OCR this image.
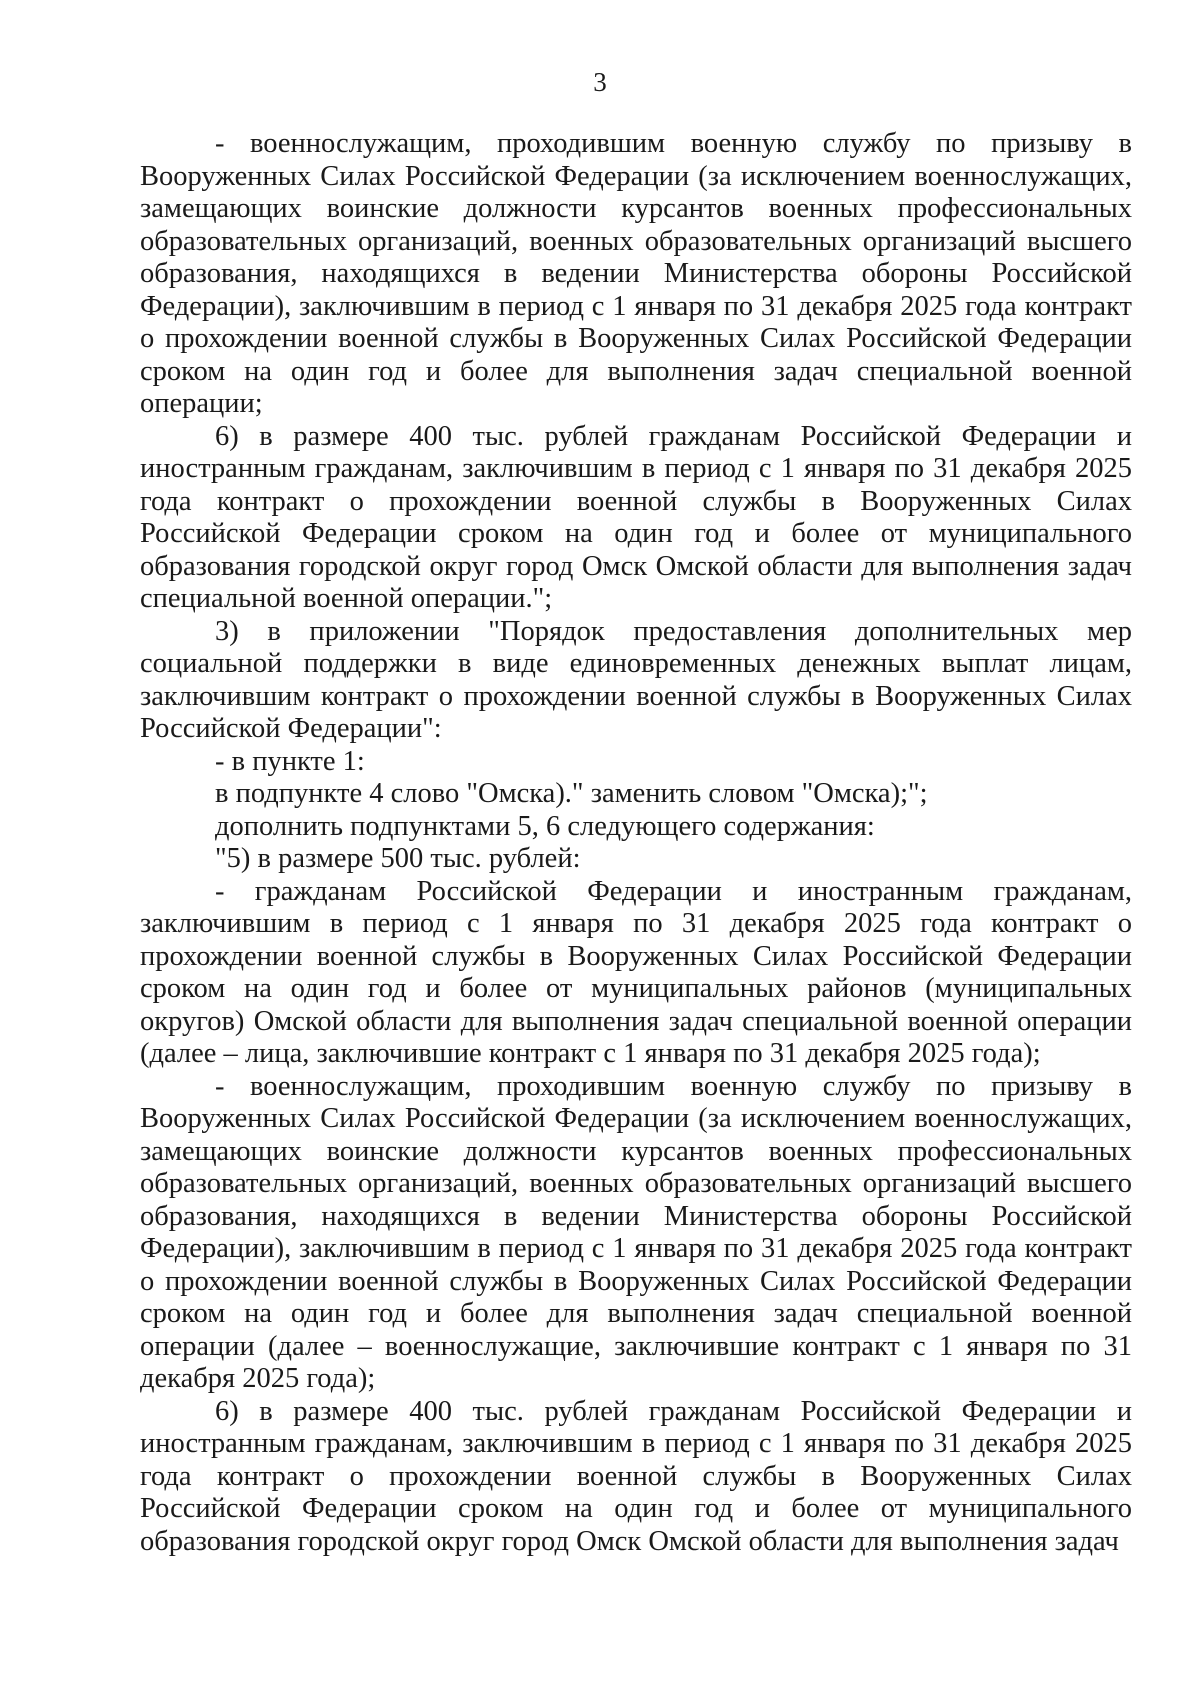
3

- военнослужащим, проходившим военную службу по призыву в Вооруженных Силах Российской Федерации (за исключением военнослужащих, замещающих воинские должности курсантов военных профессиональных образовательных организаций, военных образовательных организаций высшего образования, находящихся в ведении Министерства обороны Российской Федерации), заключившим в период с 1 января по 31 декабря 2025 года контракт о прохождении военной службы в Вооруженных Силах Российской Федерации сроком на один год и более для выполнения задач специальной военной операции;

6) в размере 400 тыс. рублей гражданам Российской Федерации и иностранным гражданам, заключившим в период с 1 января по 31 декабря 2025 года контракт о прохождении военной службы в Вооруженных Силах Российской Федерации сроком на один год и более от муниципального образования городской округ город Омск Омской области для выполнения задач специальной военной операции.";

3) в приложении "Порядок предоставления дополнительных мер социальной поддержки в виде единовременных денежных выплат лицам, заключившим контракт о прохождении военной службы в Вооруженных Силах Российской Федерации":

- в пункте 1:

в подпункте 4 слово "Омска)." заменить словом "Омска);";

дополнить подпунктами 5, 6 следующего содержания:

"5) в размере 500 тыс. рублей:

- гражданам Российской Федерации и иностранным гражданам, заключившим в период с 1 января по 31 декабря 2025 года контракт о прохождении военной службы в Вооруженных Силах Российской Федерации сроком на один год и более от муниципальных районов (муниципальных округов) Омской области для выполнения задач специальной военной операции (далее – лица, заключившие контракт с 1 января по 31 декабря 2025 года);

- военнослужащим, проходившим военную службу по призыву в Вооруженных Силах Российской Федерации (за исключением военнослужащих, замещающих воинские должности курсантов военных профессиональных образовательных организаций, военных образовательных организаций высшего образования, находящихся в ведении Министерства обороны Российской Федерации), заключившим в период с 1 января по 31 декабря 2025 года контракт о прохождении военной службы в Вооруженных Силах Российской Федерации сроком на один год и более для выполнения задач специальной военной операции (далее – военнослужащие, заключившие контракт с 1 января по 31 декабря 2025 года);

6) в размере 400 тыс. рублей гражданам Российской Федерации и иностранным гражданам, заключившим в период с 1 января по 31 декабря 2025 года контракт о прохождении военной службы в Вооруженных Силах Российской Федерации сроком на один год и более от муниципального образования городской округ город Омск Омской области для выполнения задач
